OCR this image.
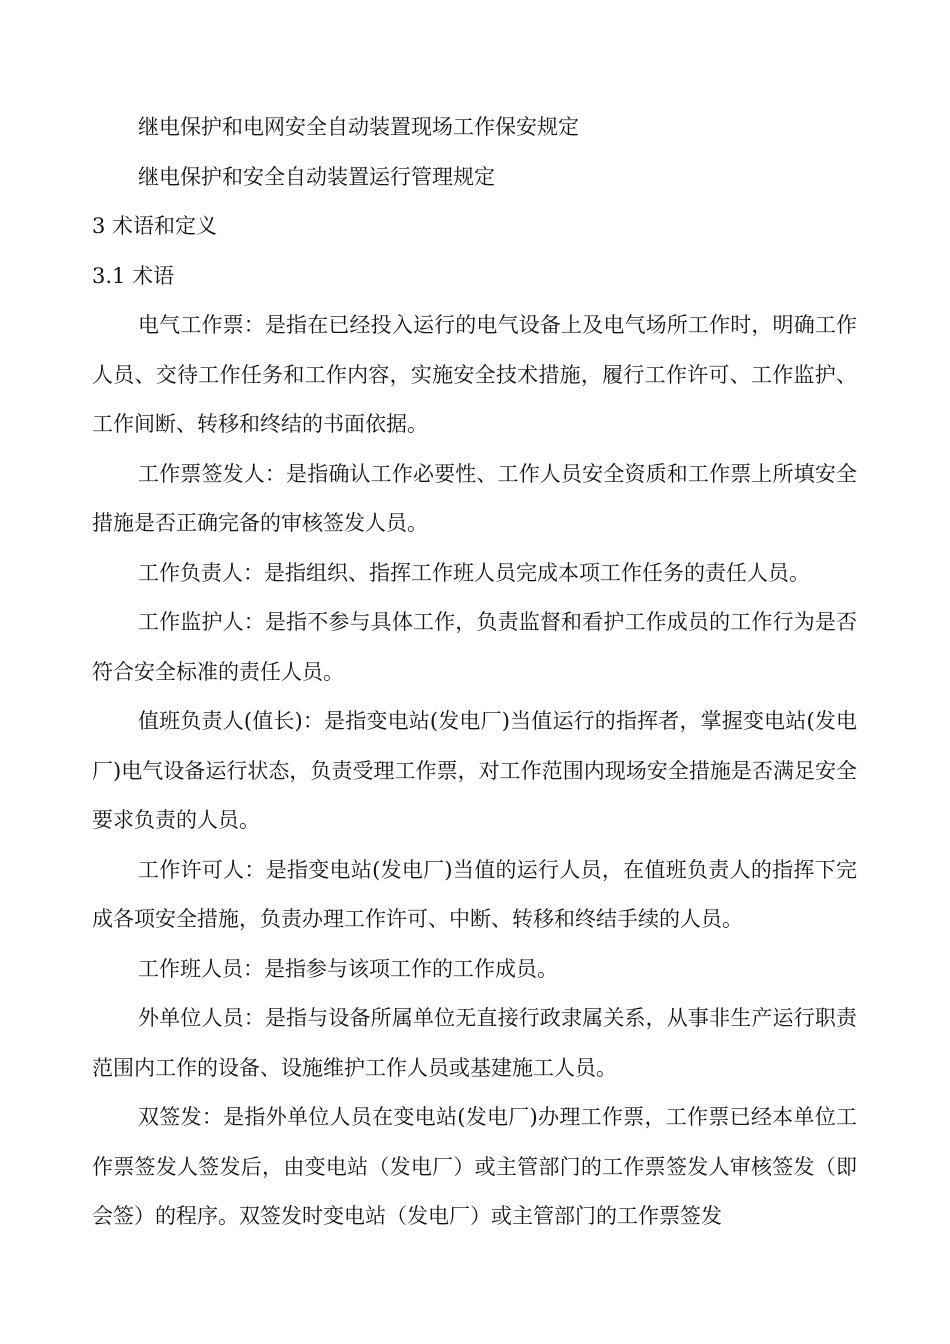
继电保护和电网安全自动装置现场工作保安规定
继电保护和安全自动装置运行管理规定
3 术语和定义
3.1 术语

电气工作票：是指在已经投入运行的电气设备上及电气场所工作时，明确工作人员、交待工作任务和工作内容，实施安全技术措施，履行工作许可、工作监护、工作间断、转移和终结的书面依据。

工作票签发人：是指确认工作必要性、工作人员安全资质和工作票上所填安全措施是否正确完备的审核签发人员。

工作负责人：是指组织、指挥工作班人员完成本项工作任务的责任人员。

工作监护人：是指不参与具体工作，负责监督和看护工作成员的工作行为是否符合安全标准的责任人员。

值班负责人(值长)：是指变电站(发电厂)当值运行的指挥者，掌握变电站(发电厂)电气设备运行状态，负责受理工作票，对工作范围内现场安全措施是否满足安全要求负责的人员。

工作许可人：是指变电站(发电厂)当值的运行人员，在值班负责人的指挥下完成各项安全措施，负责办理工作许可、中断、转移和终结手续的人员。

工作班人员：是指参与该项工作的工作成员。

外单位人员：是指与设备所属单位无直接行政隶属关系，从事非生产运行职责范围内工作的设备、设施维护工作人员或基建施工人员。

双签发：是指外单位人员在变电站(发电厂)办理工作票，工作票已经本单位工作票签发人签发后，由变电站（发电厂）或主管部门的工作票签发人审核签发（即会签）的程序。双签发时变电站（发电厂）或主管部门的工作票签发
